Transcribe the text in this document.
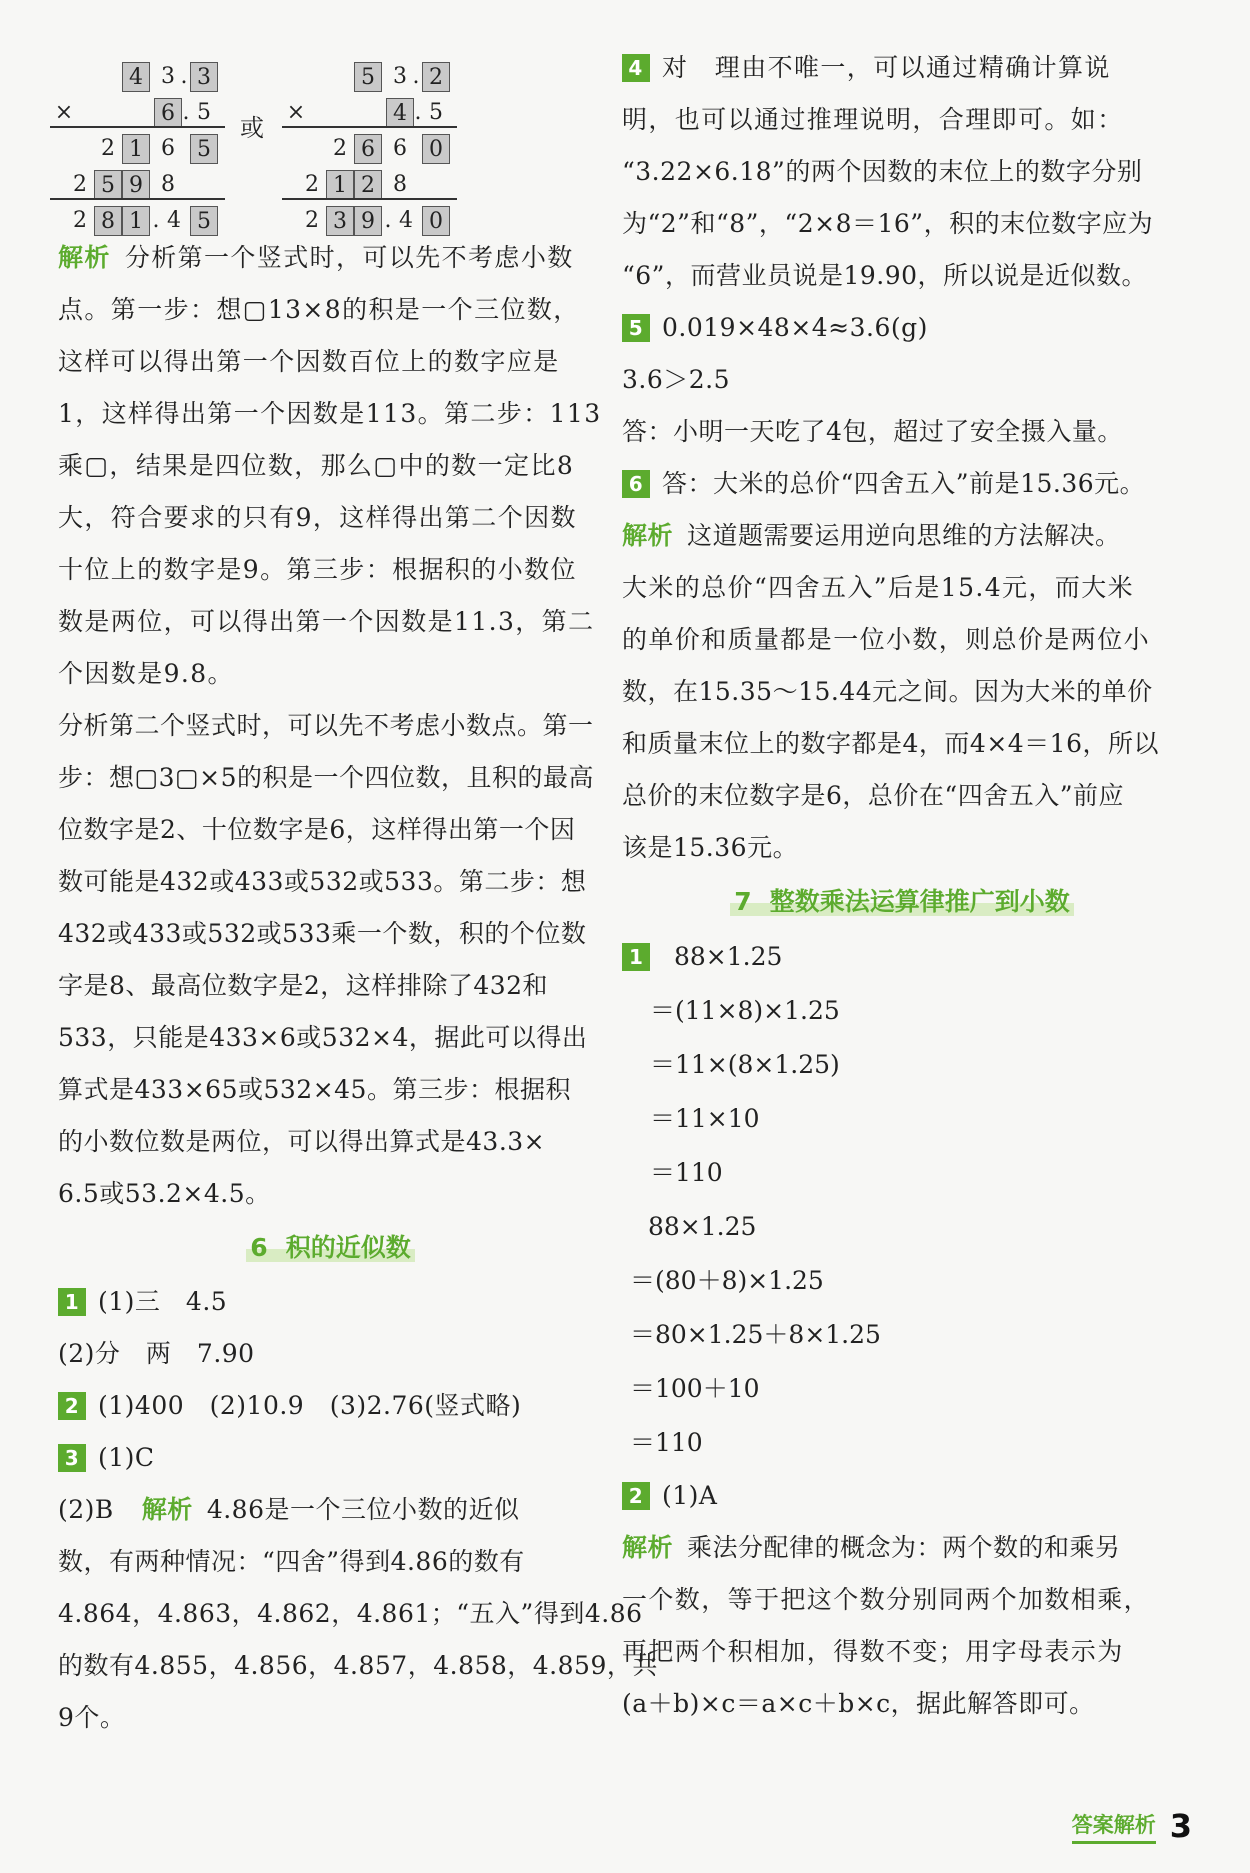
4 3 . 3
×	6 . 5
2 1 6	5
2 5 9 8
2 8 1 . 4 5
或
5 3 . 2
×	4 . 5
2 6 6	0
2 1 2 8
2 3 9 . 4 0
解析 分析第一个竖式时，可以先不考虑小数
点。第一步：想▢13×8的积是一个三位数，
这样可以得出第一个因数百位上的数字应是
1，这样得出第一个因数是113。第二步：113
乘▢，结果是四位数，那么▢中的数一定比8
大，符合要求的只有9，这样得出第二个因数
十位上的数字是9。第三步：根据积的小数位
数是两位，可以得出第一个因数是11.3，第二
个因数是9.8。
分析第二个竖式时，可以先不考虑小数点。第一
步：想▢3▢×5的积是一个四位数，且积的最高
位数字是2、十位数字是6，这样得出第一个因
数可能是432或433或532或533。第二步：想
432或433或532或533乘一个数，积的个位数
字是8、最高位数字是2，这样排除了432和
533，只能是433×6或532×4，据此可以得出
算式是433×65或532×45。第三步：根据积
的小数位数是两位，可以得出算式是43.3×
6.5或53.2×4.5。
6 积的近似数
1 (1)三　4.5
(2)分　两　7.90
2 (1)400　(2)10.9　(3)2.76(竖式略)
3 (1)C
(2)B 解析 4.86是一个三位小数的近似
数，有两种情况：“四舍”得到4.86的数有
4.864，4.863，4.862，4.861；“五入”得到4.86
的数有4.855，4.856，4.857，4.858，4.859，共
9个。
4 对　理由不唯一，可以通过精确计算说
明，也可以通过推理说明，合理即可。如：
“3.22×6.18”的两个因数的末位上的数字分别
为“2”和“8”，“2×8＝16”，积的末位数字应为
“6”，而营业员说是19.90，所以说是近似数。
5 0.019×48×4≈3.6(g)
3.6＞2.5
答：小明一天吃了4包，超过了安全摄入量。
6 答：大米的总价“四舍五入”前是15.36元。
解析 这道题需要运用逆向思维的方法解决。
大米的总价“四舍五入”后是15.4元，而大米
的单价和质量都是一位小数，则总价是两位小
数，在15.35～15.44元之间。因为大米的单价
和质量末位上的数字都是4，而4×4＝16，所以
总价的末位数字是6，总价在“四舍五入”前应
该是15.36元。
7 整数乘法运算律推广到小数
1 88×1.25
＝(11×8)×1.25
＝11×(8×1.25)
＝11×10
＝110
88×1.25
＝(80＋8)×1.25
＝80×1.25＋8×1.25
＝100＋10
＝110
2 (1)A
解析 乘法分配律的概念为：两个数的和乘另
一个数，等于把这个数分别同两个加数相乘，
再把两个积相加，得数不变；用字母表示为
(a＋b)×c＝a×c＋b×c，据此解答即可。
答案解析 3
